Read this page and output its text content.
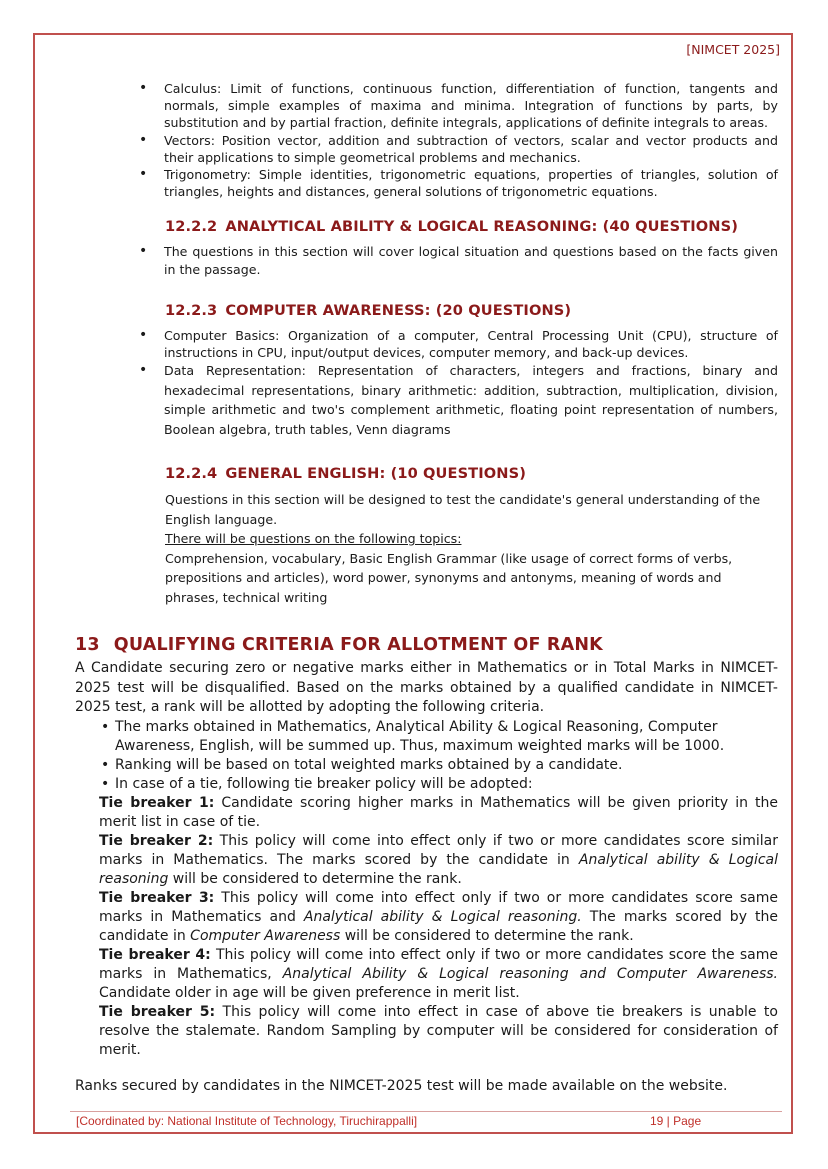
[NIMCET 2025]
• Calculus: Limit of functions, continuous function, differentiation of function, tangents and normals, simple examples of maxima and minima. Integration of functions by parts, by substitution and by partial fraction, definite integrals, applications of definite integrals to areas.
• Vectors: Position vector, addition and subtraction of vectors, scalar and vector products and their applications to simple geometrical problems and mechanics.
• Trigonometry: Simple identities, trigonometric equations, properties of triangles, solution of triangles, heights and distances, general solutions of trigonometric equations.
12.2.2 ANALYTICAL ABILITY & LOGICAL REASONING: (40 QUESTIONS)
• The questions in this section will cover logical situation and questions based on the facts given in the passage.
12.2.3 COMPUTER AWARENESS: (20 QUESTIONS)
• Computer Basics: Organization of a computer, Central Processing Unit (CPU), structure of instructions in CPU, input/output devices, computer memory, and back-up devices.
• Data Representation: Representation of characters, integers and fractions, binary and hexadecimal representations, binary arithmetic: addition, subtraction, multiplication, division, simple arithmetic and two's complement arithmetic, floating point representation of numbers, Boolean algebra, truth tables, Venn diagrams
12.2.4 GENERAL ENGLISH: (10 QUESTIONS)
Questions in this section will be designed to test the candidate's general understanding of the English language.
There will be questions on the following topics:
Comprehension, vocabulary, Basic English Grammar (like usage of correct forms of verbs, prepositions and articles), word power, synonyms and antonyms, meaning of words and phrases, technical writing
13 QUALIFYING CRITERIA FOR ALLOTMENT OF RANK
A Candidate securing zero or negative marks either in Mathematics or in Total Marks in NIMCET-2025 test will be disqualified. Based on the marks obtained by a qualified candidate in NIMCET-2025 test, a rank will be allotted by adopting the following criteria.
• The marks obtained in Mathematics, Analytical Ability & Logical Reasoning, Computer Awareness, English, will be summed up. Thus, maximum weighted marks will be 1000.
• Ranking will be based on total weighted marks obtained by a candidate.
• In case of a tie, following tie breaker policy will be adopted:
Tie breaker 1: Candidate scoring higher marks in Mathematics will be given priority in the merit list in case of tie.
Tie breaker 2: This policy will come into effect only if two or more candidates score similar marks in Mathematics. The marks scored by the candidate in Analytical ability & Logical reasoning will be considered to determine the rank.
Tie breaker 3: This policy will come into effect only if two or more candidates score same marks in Mathematics and Analytical ability & Logical reasoning. The marks scored by the candidate in Computer Awareness will be considered to determine the rank.
Tie breaker 4: This policy will come into effect only if two or more candidates score the same marks in Mathematics, Analytical Ability & Logical reasoning and Computer Awareness. Candidate older in age will be given preference in merit list.
Tie breaker 5: This policy will come into effect in case of above tie breakers is unable to resolve the stalemate. Random Sampling by computer will be considered for consideration of merit.
Ranks secured by candidates in the NIMCET-2025 test will be made available on the website.
[Coordinated by: National Institute of Technology, Tiruchirappalli]	19 | Page
